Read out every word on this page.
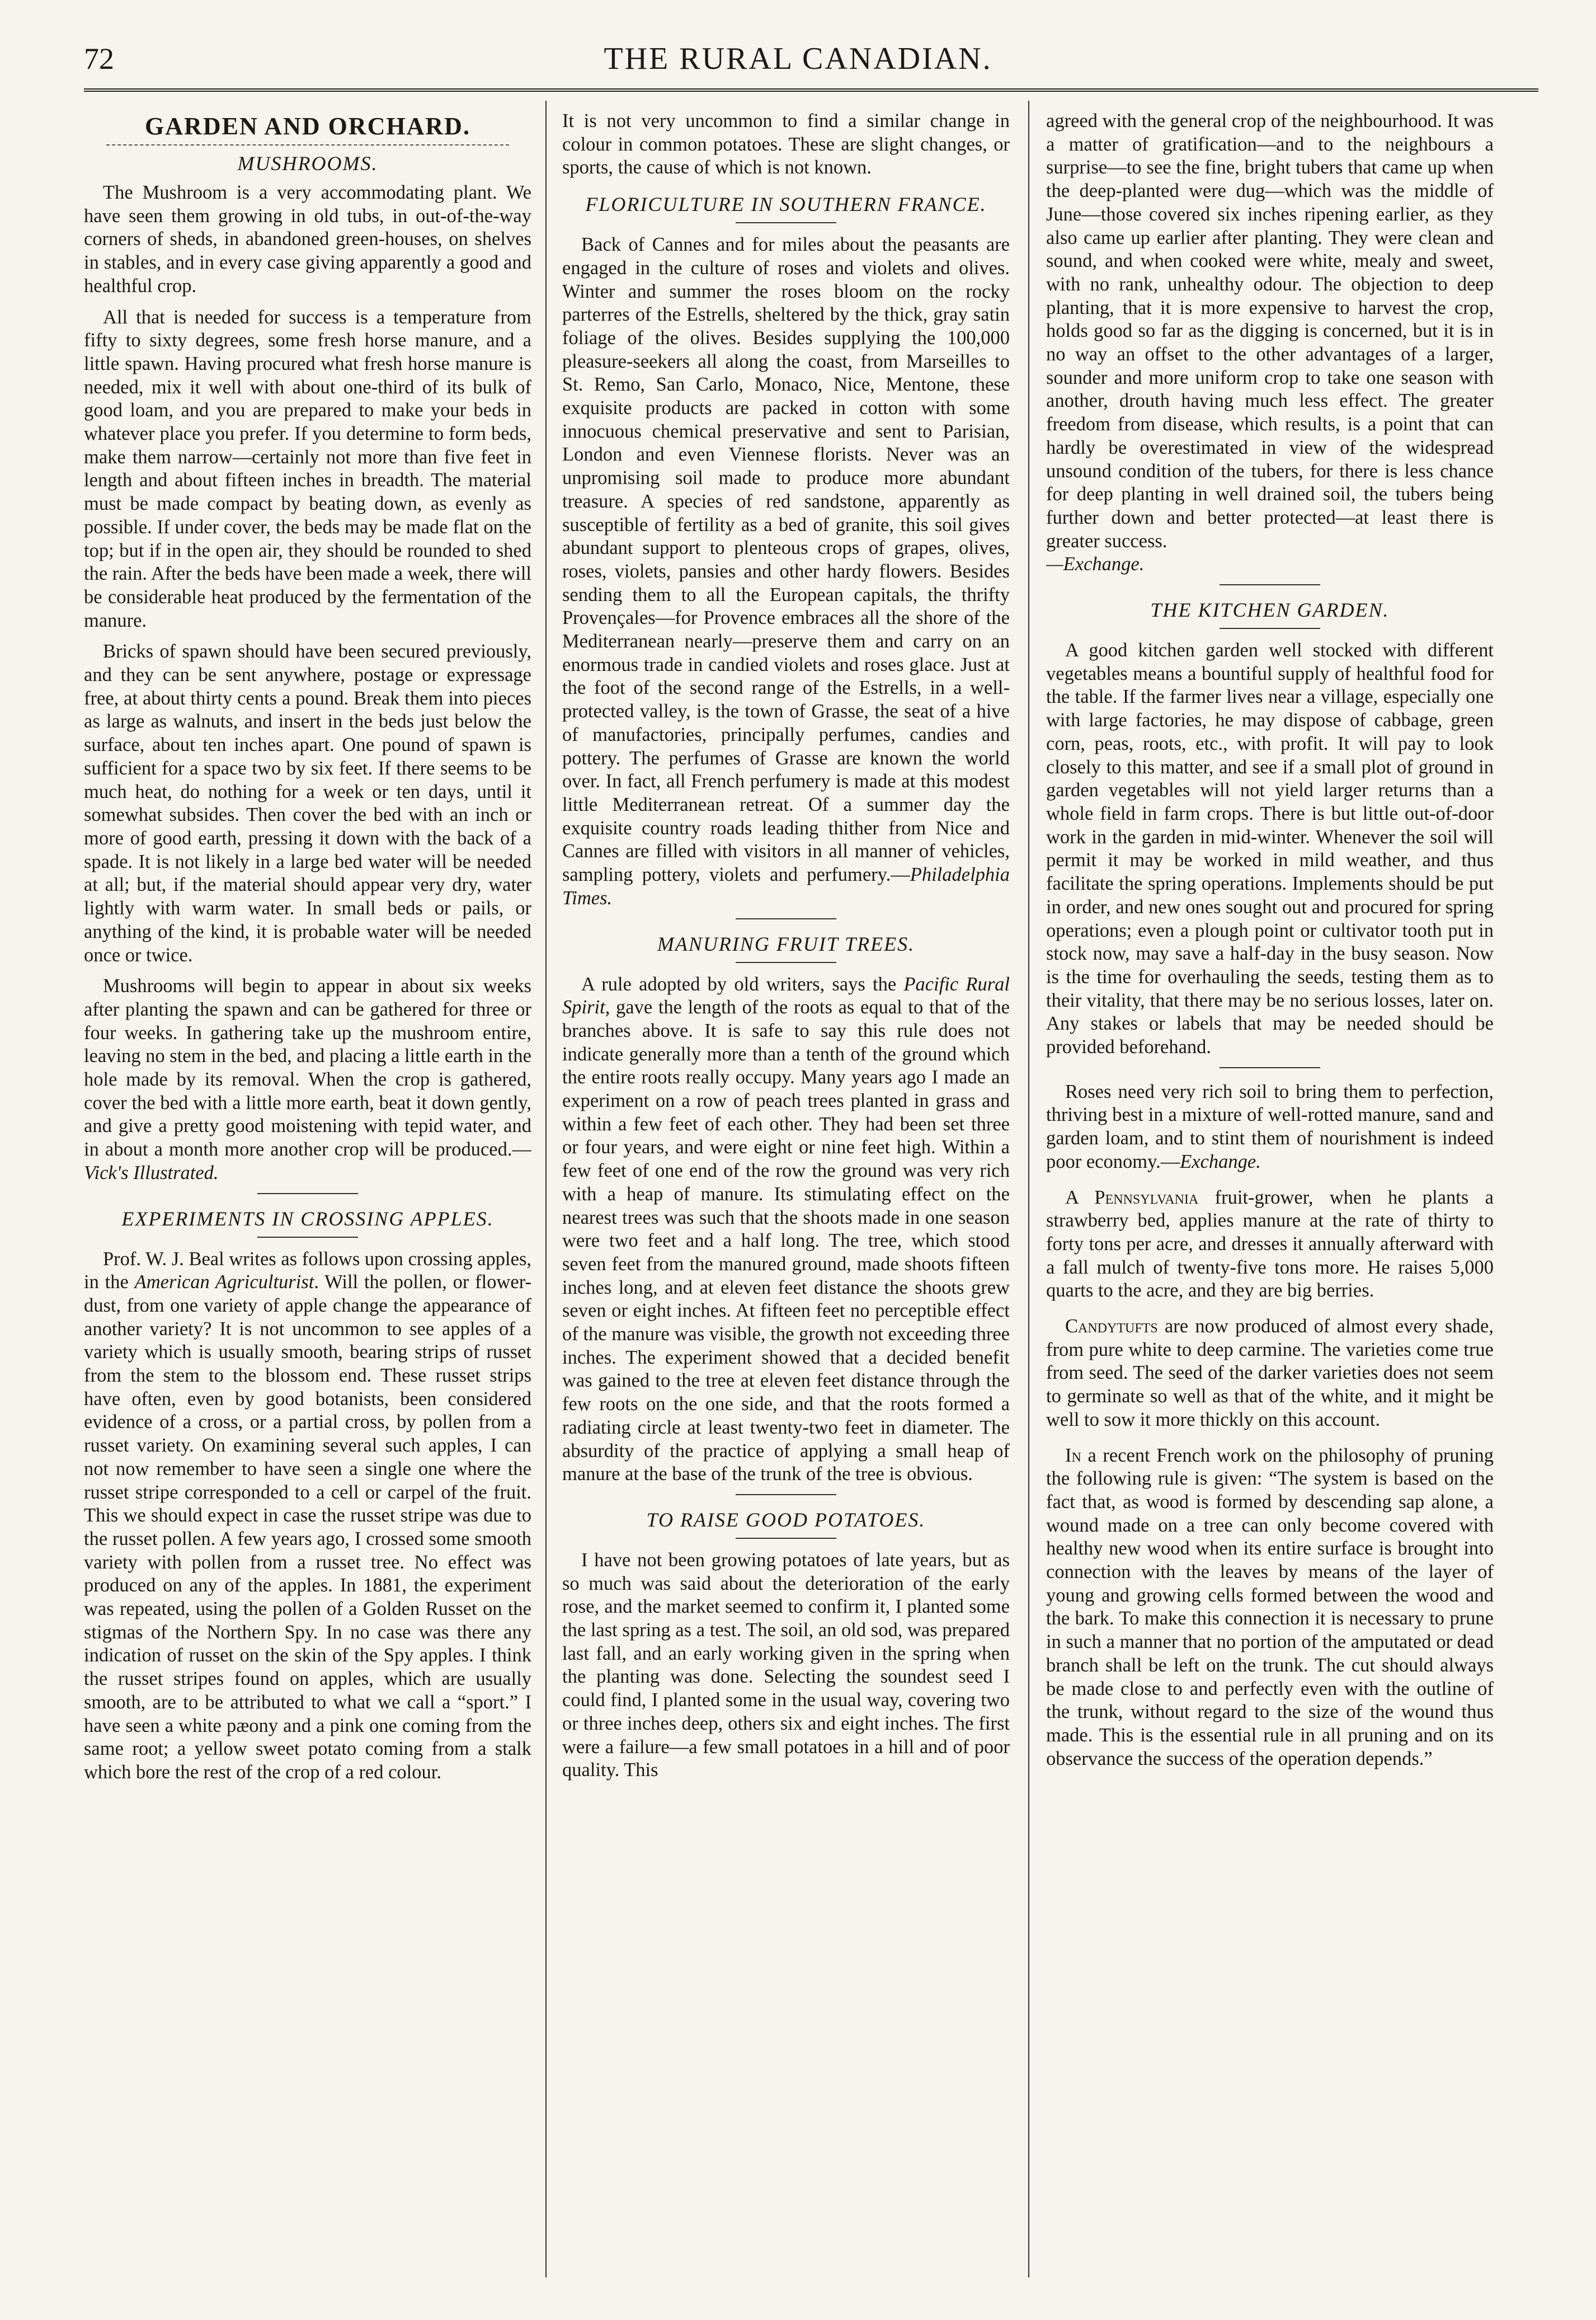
72	THE RURAL CANADIAN.
GARDEN AND ORCHARD.
MUSHROOMS.

The Mushroom is a very accommodating plant. We have seen them growing in old tubs, in out-of-the-way corners of sheds, in abandoned green-houses, on shelves in stables, and in every case giving apparently a good and healthful crop.

All that is needed for success is a temperature from fifty to sixty degrees, some fresh horse manure, and a little spawn. Having procured what fresh horse manure is needed, mix it well with about one-third of its bulk of good loam, and you are prepared to make your beds in whatever place you prefer. If you determine to form beds, make them narrow—certainly not more than five feet in length and about fifteen inches in breadth. The material must be made compact by beating down, as evenly as possible. If under cover, the beds may be made flat on the top; but if in the open air, they should be rounded to shed the rain. After the beds have been made a week, there will be considerable heat produced by the fermentation of the manure.

Bricks of spawn should have been secured previously, and they can be sent anywhere, postage or expressage free, at about thirty cents a pound. Break them into pieces as large as walnuts, and insert in the beds just below the surface, about ten inches apart. One pound of spawn is sufficient for a space two by six feet. If there seems to be much heat, do nothing for a week or ten days, until it somewhat subsides. Then cover the bed with an inch or more of good earth, pressing it down with the back of a spade. It is not likely in a large bed water will be needed at all; but, if the material should appear very dry, water lightly with warm water. In small beds or pails, or anything of the kind, it is probable water will be needed once or twice.

Mushrooms will begin to appear in about six weeks after planting the spawn and can be gathered for three or four weeks. In gathering take up the mushroom entire, leaving no stem in the bed, and placing a little earth in the hole made by its removal. When the crop is gathered, cover the bed with a little more earth, beat it down gently, and give a pretty good moistening with tepid water, and in about a month more another crop will be produced.—Vick's Illustrated.

EXPERIMENTS IN CROSSING APPLES.

Prof. W. J. Beal writes as follows upon crossing apples, in the American Agriculturist. Will the pollen, or flower-dust, from one variety of apple change the appearance of another variety? It is not uncommon to see apples of a variety which is usually smooth, bearing strips of russet from the stem to the blossom end. These russet strips have often, even by good botanists, been considered evidence of a cross, or a partial cross, by pollen from a russet variety. On examining several such apples, I can not now remember to have seen a single one where the russet stripe corresponded to a cell or carpel of the fruit. This we should expect in case the russet stripe was due to the russet pollen. A few years ago, I crossed some smooth variety with pollen from a russet tree. No effect was produced on any of the apples. In 1881, the experiment was repeated, using the pollen of a Golden Russet on the stigmas of the Northern Spy. In no case was there any indication of russet on the skin of the Spy apples. I think the russet stripes found on apples, which are usually smooth, are to be attributed to what we call a “sport.” I have seen a white pæony and a pink one coming from the same root; a yellow sweet potato coming from a stalk which bore the rest of the crop of a red colour.

It is not very uncommon to find a similar change in colour in common potatoes. These are slight changes, or sports, the cause of which is not known.

FLORICULTURE IN SOUTHERN FRANCE.

Back of Cannes and for miles about the peasants are engaged in the culture of roses and violets and olives. Winter and summer the roses bloom on the rocky parterres of the Estrells, sheltered by the thick, gray satin foliage of the olives. Besides supplying the 100,000 pleasure-seekers all along the coast, from Marseilles to St. Remo, San Carlo, Monaco, Nice, Mentone, these exquisite products are packed in cotton with some innocuous chemical preservative and sent to Parisian, London and even Viennese florists. Never was an unpromising soil made to produce more abundant treasure. A species of red sandstone, apparently as susceptible of fertility as a bed of granite, this soil gives abundant support to plenteous crops of grapes, olives, roses, violets, pansies and other hardy flowers. Besides sending them to all the European capitals, the thrifty Provençales—for Provence embraces all the shore of the Mediterranean nearly—preserve them and carry on an enormous trade in candied violets and roses glace. Just at the foot of the second range of the Estrells, in a well-protected valley, is the town of Grasse, the seat of a hive of manufactories, principally perfumes, candies and pottery. The perfumes of Grasse are known the world over. In fact, all French perfumery is made at this modest little Mediterranean retreat. Of a summer day the exquisite country roads leading thither from Nice and Cannes are filled with visitors in all manner of vehicles, sampling pottery, violets and perfumery.—Philadelphia Times.

MANURING FRUIT TREES.

A rule adopted by old writers, says the Pacific Rural Spirit, gave the length of the roots as equal to that of the branches above. It is safe to say this rule does not indicate generally more than a tenth of the ground which the entire roots really occupy. Many years ago I made an experiment on a row of peach trees planted in grass and within a few feet of each other. They had been set three or four years, and were eight or nine feet high. Within a few feet of one end of the row the ground was very rich with a heap of manure. Its stimulating effect on the nearest trees was such that the shoots made in one season were two feet and a half long. The tree, which stood seven feet from the manured ground, made shoots fifteen inches long, and at eleven feet distance the shoots grew seven or eight inches. At fifteen feet no perceptible effect of the manure was visible, the growth not exceeding three inches. The experiment showed that a decided benefit was gained to the tree at eleven feet distance through the few roots on the one side, and that the roots formed a radiating circle at least twenty-two feet in diameter. The absurdity of the practice of applying a small heap of manure at the base of the trunk of the tree is obvious.

TO RAISE GOOD POTATOES.

I have not been growing potatoes of late years, but as so much was said about the deterioration of the early rose, and the market seemed to confirm it, I planted some the last spring as a test. The soil, an old sod, was prepared last fall, and an early working given in the spring when the planting was done. Selecting the soundest seed I could find, I planted some in the usual way, covering two or three inches deep, others six and eight inches. The first were a failure—a few small potatoes in a hill and of poor quality. This

agreed with the general crop of the neighbourhood. It was a matter of gratification—and to the neighbours a surprise—to see the fine, bright tubers that came up when the deep-planted were dug—which was the middle of June—those covered six inches ripening earlier, as they also came up earlier after planting. They were clean and sound, and when cooked were white, mealy and sweet, with no rank, unhealthy odour. The objection to deep planting, that it is more expensive to harvest the crop, holds good so far as the digging is concerned, but it is in no way an offset to the other advantages of a larger, sounder and more uniform crop to take one season with another, drouth having much less effect. The greater freedom from disease, which results, is a point that can hardly be overestimated in view of the widespread unsound condition of the tubers, for there is less chance for deep planting in well drained soil, the tubers being further down and better protected—at least there is greater success.
—Exchange.

THE KITCHEN GARDEN.

A good kitchen garden well stocked with different vegetables means a bountiful supply of healthful food for the table. If the farmer lives near a village, especially one with large factories, he may dispose of cabbage, green corn, peas, roots, etc., with profit. It will pay to look closely to this matter, and see if a small plot of ground in garden vegetables will not yield larger returns than a whole field in farm crops. There is but little out-of-door work in the garden in mid-winter. Whenever the soil will permit it may be worked in mild weather, and thus facilitate the spring operations. Implements should be put in order, and new ones sought out and procured for spring operations; even a plough point or cultivator tooth put in stock now, may save a half-day in the busy season. Now is the time for overhauling the seeds, testing them as to their vitality, that there may be no serious losses, later on. Any stakes or labels that may be needed should be provided beforehand.

Roses need very rich soil to bring them to perfection, thriving best in a mixture of well-rotted manure, sand and garden loam, and to stint them of nourishment is indeed poor economy.—Exchange.

A Pennsylvania fruit-grower, when he plants a strawberry bed, applies manure at the rate of thirty to forty tons per acre, and dresses it annually afterward with a fall mulch of twenty-five tons more. He raises 5,000 quarts to the acre, and they are big berries.

Candytufts are now produced of almost every shade, from pure white to deep carmine. The varieties come true from seed. The seed of the darker varieties does not seem to germinate so well as that of the white, and it might be well to sow it more thickly on this account.

In a recent French work on the philosophy of pruning the following rule is given: “The system is based on the fact that, as wood is formed by descending sap alone, a wound made on a tree can only become covered with healthy new wood when its entire surface is brought into connection with the leaves by means of the layer of young and growing cells formed between the wood and the bark. To make this connection it is necessary to prune in such a manner that no portion of the amputated or dead branch shall be left on the trunk. The cut should always be made close to and perfectly even with the outline of the trunk, without regard to the size of the wound thus made. This is the essential rule in all pruning and on its observance the success of the operation depends.”
